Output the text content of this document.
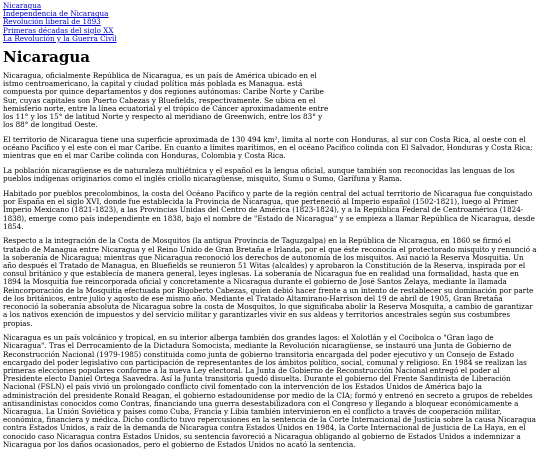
Nicaragua
Independencia de Nicaragua
Revolución liberal de 1893
Primeras décadas del siglo XX
La Revolución y la Guerra Civil
Nicaragua

Nicaragua, oficialmente República de Nicaragua, es un país de América ubicado en el istmo centroamericano, la capital y ciudad política más poblada es Managua. está compuesta por quince departamentos y dos regiones autónomas: Caribe Norte y Caribe Sur, cuyas capitales son Puerto Cabezas y Bluefields, respectivamente. Se ubica en el hemisferio norte, entre la línea ecuatorial y el trópico de Cáncer aproximadamente entre los 11° y los 15° de latitud Norte y respecto al meridiano de Greenwich, entre los 83° y los 88° de longitud Oeste.

El territorio de Nicaragua tiene una superficie aproximada de 130 494 km², limita al norte con Honduras, al sur con Costa Rica, al oeste con el océano Pacífico y el este con el mar Caribe. En cuanto a límites marítimos, en el océano Pacífico colinda con El Salvador, Honduras y Costa Rica; mientras que en el mar Caribe colinda con Honduras, Colombia y Costa Rica.

La población nicaragüense es de naturaleza multiétnica y el español es la lengua oficial, aunque también son reconocidas las lenguas de los pueblos indígenas originarios como el inglés criollo nicaragüense, misquito, Sumu o Sumo, Garífuna y Rama.

Habitado por pueblos precolombinos, la costa del Océano Pacífico y parte de la región central del actual territorio de Nicaragua fue conquistado por España en el siglo XVI, donde fue establecida la Provincia de Nicaragua, que perteneció al Imperio español (1502-1821), luego al Primer Imperio Mexicano (1821-1823), a las Provincias Unidas del Centro de América (1823-1824), y a la República Federal de Centroamérica (1824-1838), emerge como país independiente en 1838, bajo el nombre de "Estado de Nicaragua" y se empieza a llamar República de Nicaragua, desde 1854.

Respecto a la integración de la Costa de Mosquitos (la antigua Provincia de Taguzgalpa) en la República de Nicaragua, en 1860 se firmó el tratado de Managua entre Nicaragua y el Reino Unido de Gran Bretaña e Irlanda, por el que éste reconocía el protectorado misquito y renunció a la soberanía de Nicaragua; mientras que Nicaragua reconoció los derechos de autonomía de los misquitos. Así nació la Reserva Mosquitia. Un año después el Tratado de Managua, en Bluefields se reunieron 51 Witas (alcaldes) y aprobaron la Constitución de la Reserva, inspirada por el consul británico y que establecía de manera general, leyes inglesas. La soberanía de Nicaragua fue en realidad una formalidad, hasta que en 1894 la Mosquitia fue reincorporada oficial y concretamente a Nicaragua durante el gobierno de José Santos Zelaya, mediante la llamada Reincorporación de la Mosquitia efectuada por Rigoberto Cabezas, quien debió hacer frente a un intento de restablecer su dominación por parte de los británicos, entre julio y agosto de ese mismo año. Mediante el Tratado Altamirano-Harrison del 19 de abril de 1905, Gran Bretaña reconoció la soberanía absoluta de Nicaragua sobre la costa de Mosquitos, lo que significaba abolir la Reserva Mosquita, a cambio de garantizar a los nativos exención de impuestos y del servicio militar y garantizarles vivir en sus aldeas y territorios ancestrales según sus costumbres propias.

Nicaragua es un país volcánico y tropical, en su interior alberga también dos grandes lagos: el Xolotlán y el Cocibolca o "Gran lago de Nicaragua". Tras el Derrocamiento de la Dictadura Somocista, mediante la Revolución nicaragüense, se instauró una Junta de Gobierno de Reconstrucción Nacional (1979-1985) constituida como junta de gobierno transitoria encargada del poder ejecutivo y un Consejo de Estado encargado del poder legislativo con participación de representantes de los ámbitos político, social, comunal y religioso. En 1984 se realizan las primeras elecciones populares conforme a la nueva Ley electoral. La Junta de Gobierno de Reconstrucción Nacional entregó el poder al Presidente electo Daniel Ortega Saavedra. Así la Junta transitoria quedó disuelta. Durante el gobierno del Frente Sandinista de Liberación Nacional (FSLN) el país vivió un prolongado conflicto civil fomentado con la intervención de los Estados Unidos de América bajo la administración del presidente Ronald Reagan, el gobierno estadounidense por medio de la CIA; formó y entrenó en secreto a grupos de rebeldes antisandinistas conocidos como Contras, financiando una guerra desestabilizadora con el Congreso y llegando a bloquear económicamente a Nicaragua. La Unión Soviética y países como Cuba, Francia y Libia también intervinieron en el conflicto a través de cooperación militar, económica, financiera y médica. Dicho conflicto tuvo repercusiones en la sentencia de la Corte Internacional de Justicia sobre la causa Nicaragua contra Estados Unidos, a raíz de la demanda de Nicaragua contra Estados Unidos en 1984, la Corte Internacional de Justicia de La Haya, en el conocido caso Nicaragua contra Estados Unidos, su sentencia favoreció a Nicaragua obligando al gobierno de Estados Unidos a indemnizar a Nicaragua por los daños ocasionados, pero el gobierno de Estados Unidos no acató la sentencia.
